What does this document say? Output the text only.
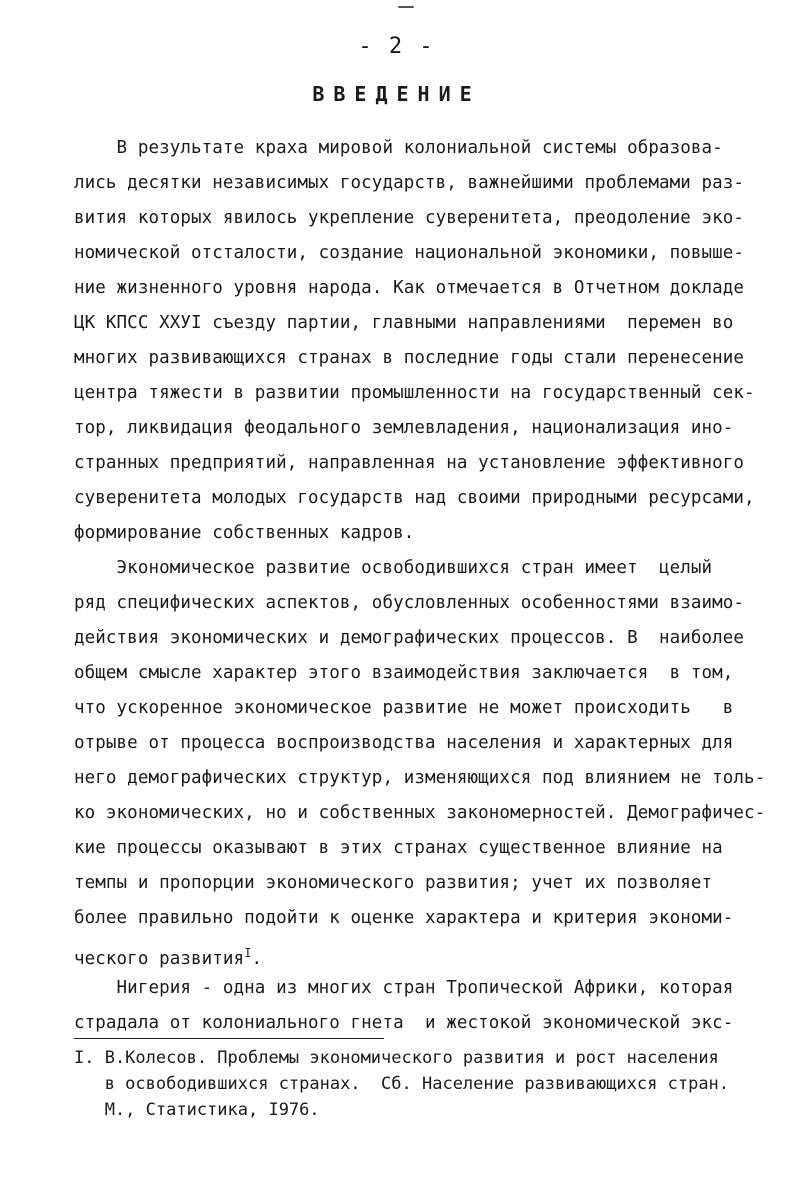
- 2 -
ВВЕДЕНИЕ
В результате краха мировой колониальной системы образова-
лись десятки независимых государств, важнейшими проблемами раз-
вития которых явилось укрепление суверенитета, преодоление эко-
номической отсталости, создание национальной экономики, повыше-
ние жизненного уровня народа. Как отмечается в Отчетном докладе
ЦК КПСС XXУI съезду партии, главными направлениями  перемен во
многих развивающихся странах в последние годы стали перенесение
центра тяжести в развитии промышленности на государственный сек-
тор, ликвидация феодального землевладения, национализация ино-
странных предприятий, направленная на установление эффективного
суверенитета молодых государств над своими природными ресурсами,
формирование собственных кадров.
Экономическое развитие освободившихся стран имеет  целый
ряд специфических аспектов, обусловленных особенностями взаимо-
действия экономических и демографических процессов. В  наиболее
общем смысле характер этого взаимодействия заключается  в том,
что ускоренное экономическое развитие не может происходить   в
отрыве от процесса воспроизводства населения и характерных для
него демографических структур, изменяющихся под влиянием не толь-
ко экономических, но и собственных закономерностей. Демографичес-
кие процессы оказывают в этих странах существенное влияние на
темпы и пропорции экономического развития; учет их позволяет
более правильно подойти к оценке характера и критерия экономи-
ческого развития$^I$.
Нигерия - одна из многих стран Тропической Африки, которая
страдала от колониального гнета  и жестокой экономической экс-
I. В.Колесов. Проблемы экономического развития и рост населения
в освободившихся странах.  Сб. Население развивающихся стран.
М., Статистика, I976.
